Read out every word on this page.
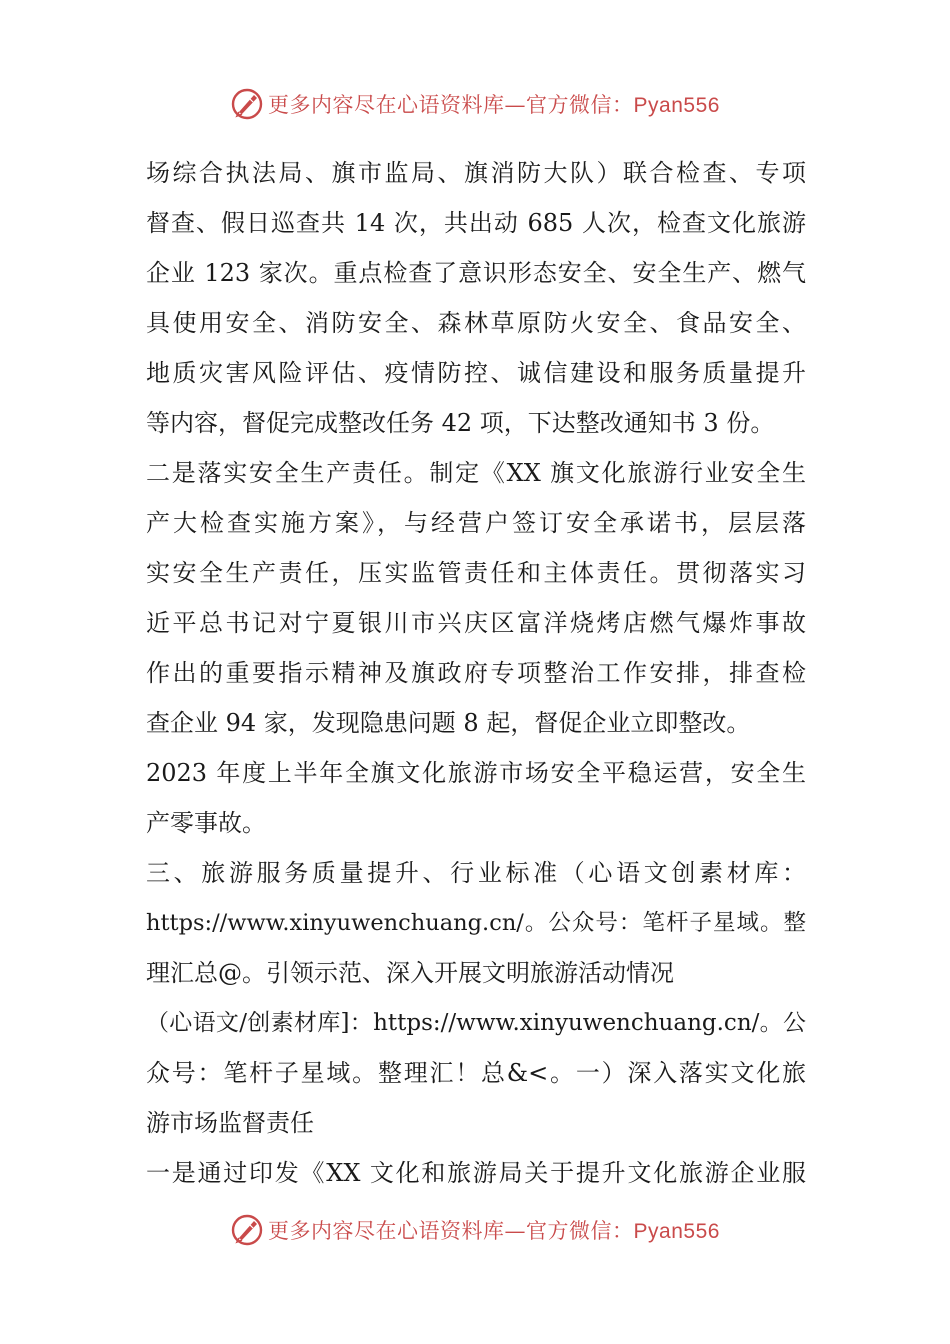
更多内容尽在心语资料库—官方微信：Pyan556
场综合执法局、旗市监局、旗消防大队）联合检查、专项
督查、假日巡查共 14 次，共出动 685 人次，检查文化旅游
企业 123 家次。重点检查了意识形态安全、安全生产、燃气
具使用安全、消防安全、森林草原防火安全、食品安全、
地质灾害风险评估、疫情防控、诚信建设和服务质量提升
等内容，督促完成整改任务 42 项，下达整改通知书 3 份。
二是落实安全生产责任。制定《XX 旗文化旅游行业安全生
产大检查实施方案》，与经营户签订安全承诺书，层层落
实安全生产责任，压实监管责任和主体责任。贯彻落实习
近平总书记对宁夏银川市兴庆区富洋烧烤店燃气爆炸事故
作出的重要指示精神及旗政府专项整治工作安排，排查检
查企业 94 家，发现隐患问题 8 起，督促企业立即整改。
2023 年度上半年全旗文化旅游市场安全平稳运营，安全生
产零事故。
三、旅游服务质量提升、行业标准（心语文创素材库：
https://www.xinyuwenchuang.cn/。公众号：笔杆子星域。整
理汇总@。引领示范、深入开展文明旅游活动情况
（心语文/创素材库]：https://www.xinyuwenchuang.cn/。公
众号：笔杆子星域。整理汇！总&<。一）深入落实文化旅
游市场监督责任
一是通过印发《XX 文化和旅游局关于提升文化旅游企业服
更多内容尽在心语资料库—官方微信：Pyan556
